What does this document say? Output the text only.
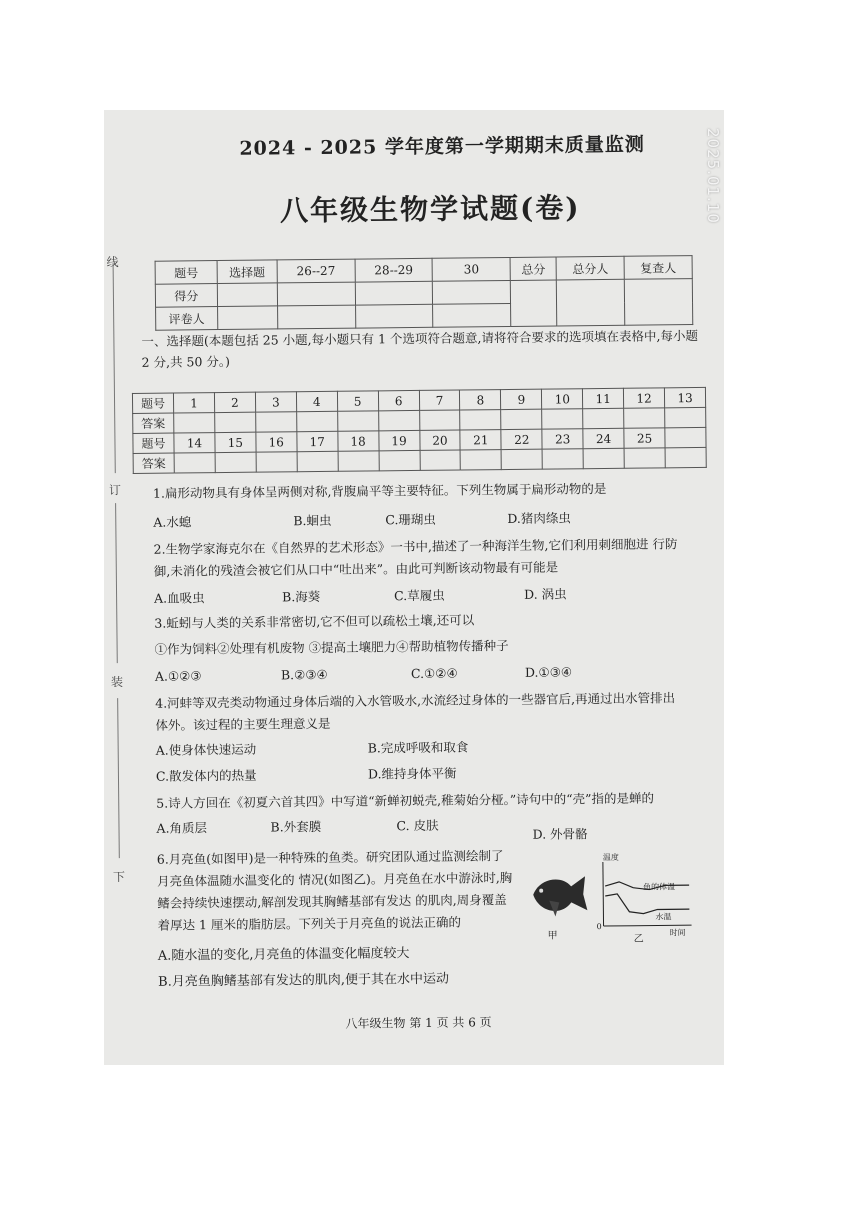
2025.01.10
线
订
装
下
2024 - 2025 学年度第一学期期末质量监测
八年级生物学试题(卷)
题号	选择题	26--27	28--29	30	总分	总分人	复查人
得分							
评卷人							
一、选择题(本题包括 25 小题,每小题只有 1 个选项符合题意,请将符合要求的选项填在表格中,每小题 2 分,共 50 分。)
题号	1	2	3	4	5	6	7	8	9	10	11	12	13
答案													
题号	14	15	16	17	18	19	20	21	22	23	24	25	
答案													
1.扁形动物具有身体呈两侧对称,背腹扁平等主要特征。下列生物属于扁形动物的是
A.水螅	B.蛔虫	C.珊瑚虫	D.猪肉绦虫
2.生物学家海克尔在《自然界的艺术形态》一书中,描述了一种海洋生物,它们利用刺细胞进 行防御,未消化的残渣会被它们从口中“吐出来”。由此可判断该动物最有可能是
A.血吸虫	B.海葵	C.草履虫	D. 涡虫
3.蚯蚓与人类的关系非常密切,它不但可以疏松土壤,还可以
①作为饲料②处理有机废物 ③提高土壤肥力④帮助植物传播种子
A.①②③	B.②③④	C.①②④	D.①③④
4.河蚌等双壳类动物通过身体后端的入水管吸水,水流经过身体的一些器官后,再通过出水管排出体外。该过程的主要生理意义是
A.使身体快速运动	B.完成呼吸和取食
C.散发体内的热量	D.维持身体平衡
5.诗人方回在《初夏六首其四》中写道“新蝉初蜕壳,稚菊始分桠。”诗句中的“壳”指的是蝉的
A.角质层	B.外套膜	C. 皮肤
D. 外骨骼
6.月亮鱼(如图甲)是一种特殊的鱼类。研究团队通过监测绘制了月亮鱼体温随水温变化的 情况(如图乙)。月亮鱼在水中游泳时,胸鳍会持续快速摆动,解剖发现其胸鳍基部有发达 的肌肉,周身覆盖着厚达 1 厘米的脂肪层。下列关于月亮鱼的说法正确的
A.随水温的变化,月亮鱼的体温变化幅度较大
B.月亮鱼胸鳍基部有发达的肌肉,便于其在水中运动
甲
温度
鱼的体温
水温
0
乙
时间
八年级生物 第 1 页 共 6 页
